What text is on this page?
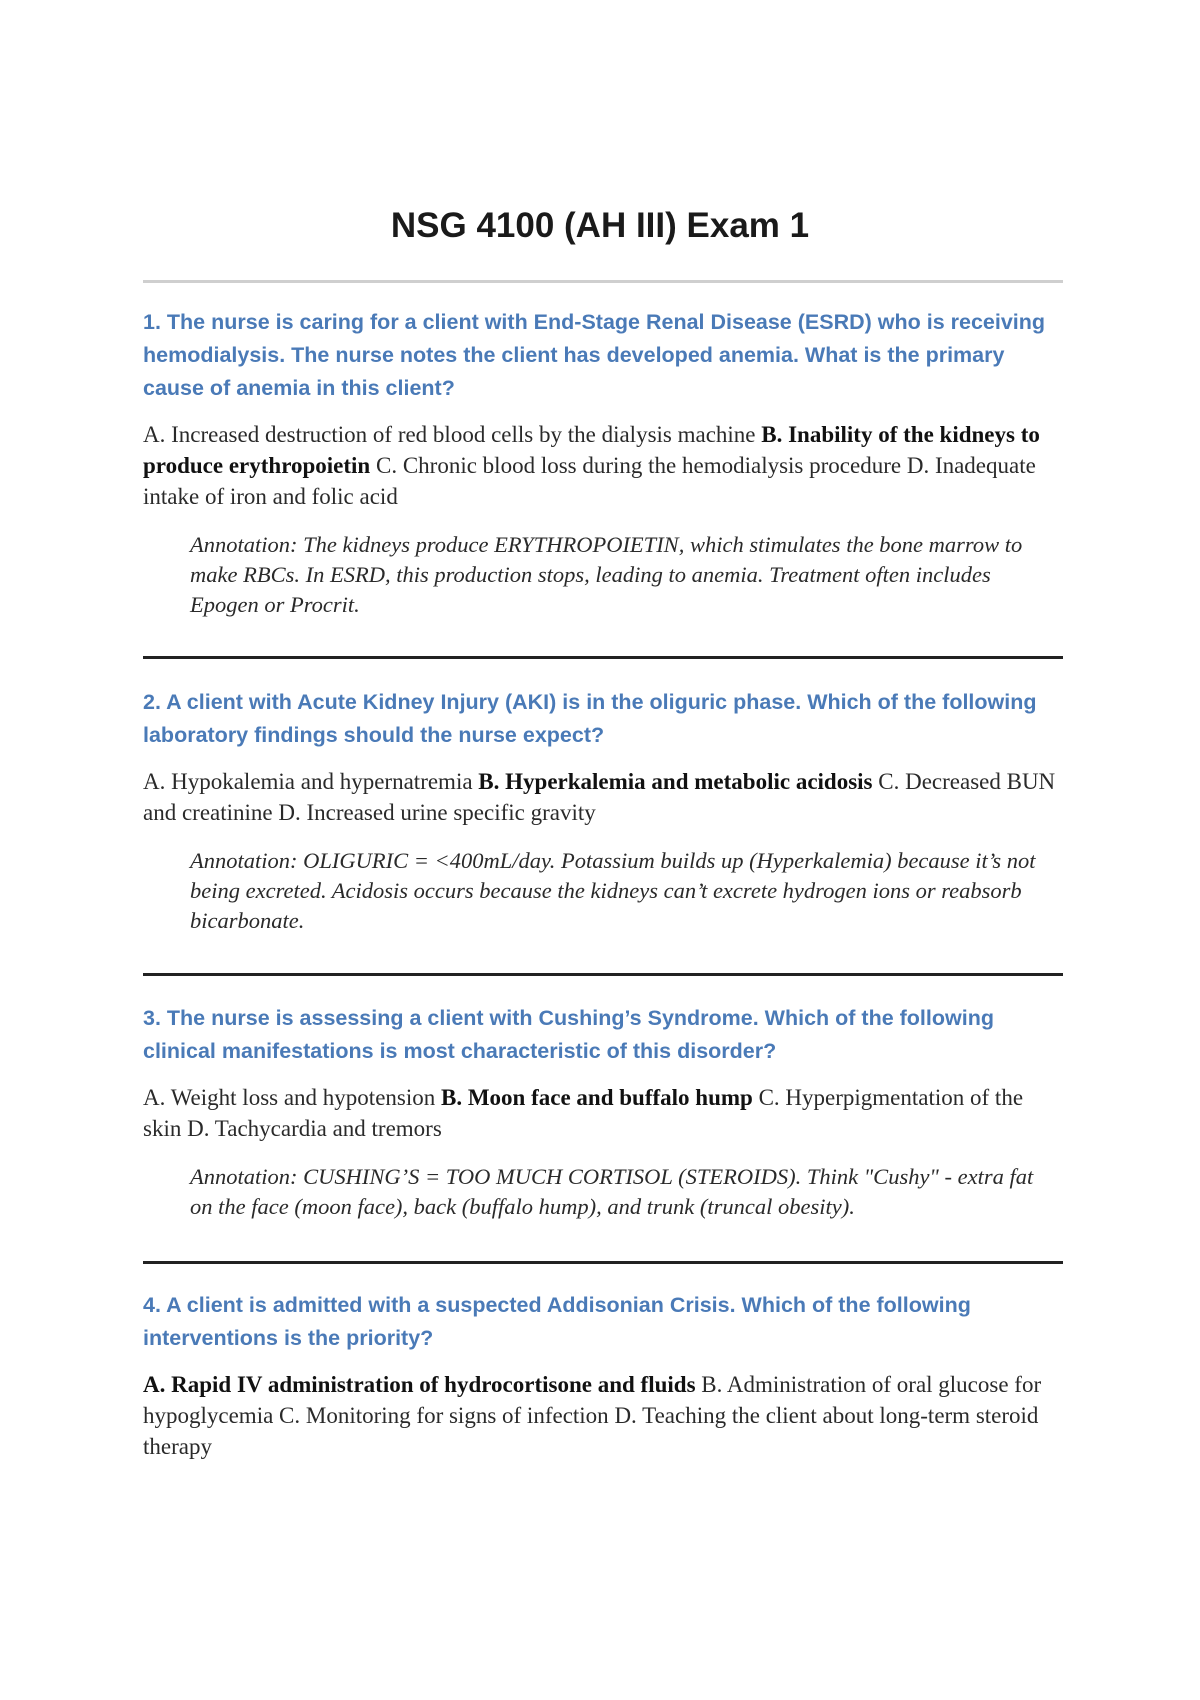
NSG 4100 (AH III) Exam 1

1. The nurse is caring for a client with End-Stage Renal Disease (ESRD) who is receiving hemodialysis. The nurse notes the client has developed anemia. What is the primary cause of anemia in this client?

A. Increased destruction of red blood cells by the dialysis machine B. Inability of the kidneys to produce erythropoietin C. Chronic blood loss during the hemodialysis procedure D. Inadequate intake of iron and folic acid
Annotation: The kidneys produce ERYTHROPOIETIN, which stimulates the bone marrow to make RBCs. In ESRD, this production stops, leading to anemia. Treatment often includes Epogen or Procrit.

2. A client with Acute Kidney Injury (AKI) is in the oliguric phase. Which of the following laboratory findings should the nurse expect?

A. Hypokalemia and hypernatremia B. Hyperkalemia and metabolic acidosis C. Decreased BUN and creatinine D. Increased urine specific gravity
Annotation: OLIGURIC = <400mL/day. Potassium builds up (Hyperkalemia) because it’s not being excreted. Acidosis occurs because the kidneys can’t excrete hydrogen ions or reabsorb bicarbonate.

3. The nurse is assessing a client with Cushing’s Syndrome. Which of the following clinical manifestations is most characteristic of this disorder?

A. Weight loss and hypotension B. Moon face and buffalo hump C. Hyperpigmentation of the skin D. Tachycardia and tremors
Annotation: CUSHING’S = TOO MUCH CORTISOL (STEROIDS). Think "Cushy" - extra fat on the face (moon face), back (buffalo hump), and trunk (truncal obesity).

4. A client is admitted with a suspected Addisonian Crisis. Which of the following interventions is the priority?

A. Rapid IV administration of hydrocortisone and fluids B. Administration of oral glucose for hypoglycemia C. Monitoring for signs of infection D. Teaching the client about long-term steroid therapy
